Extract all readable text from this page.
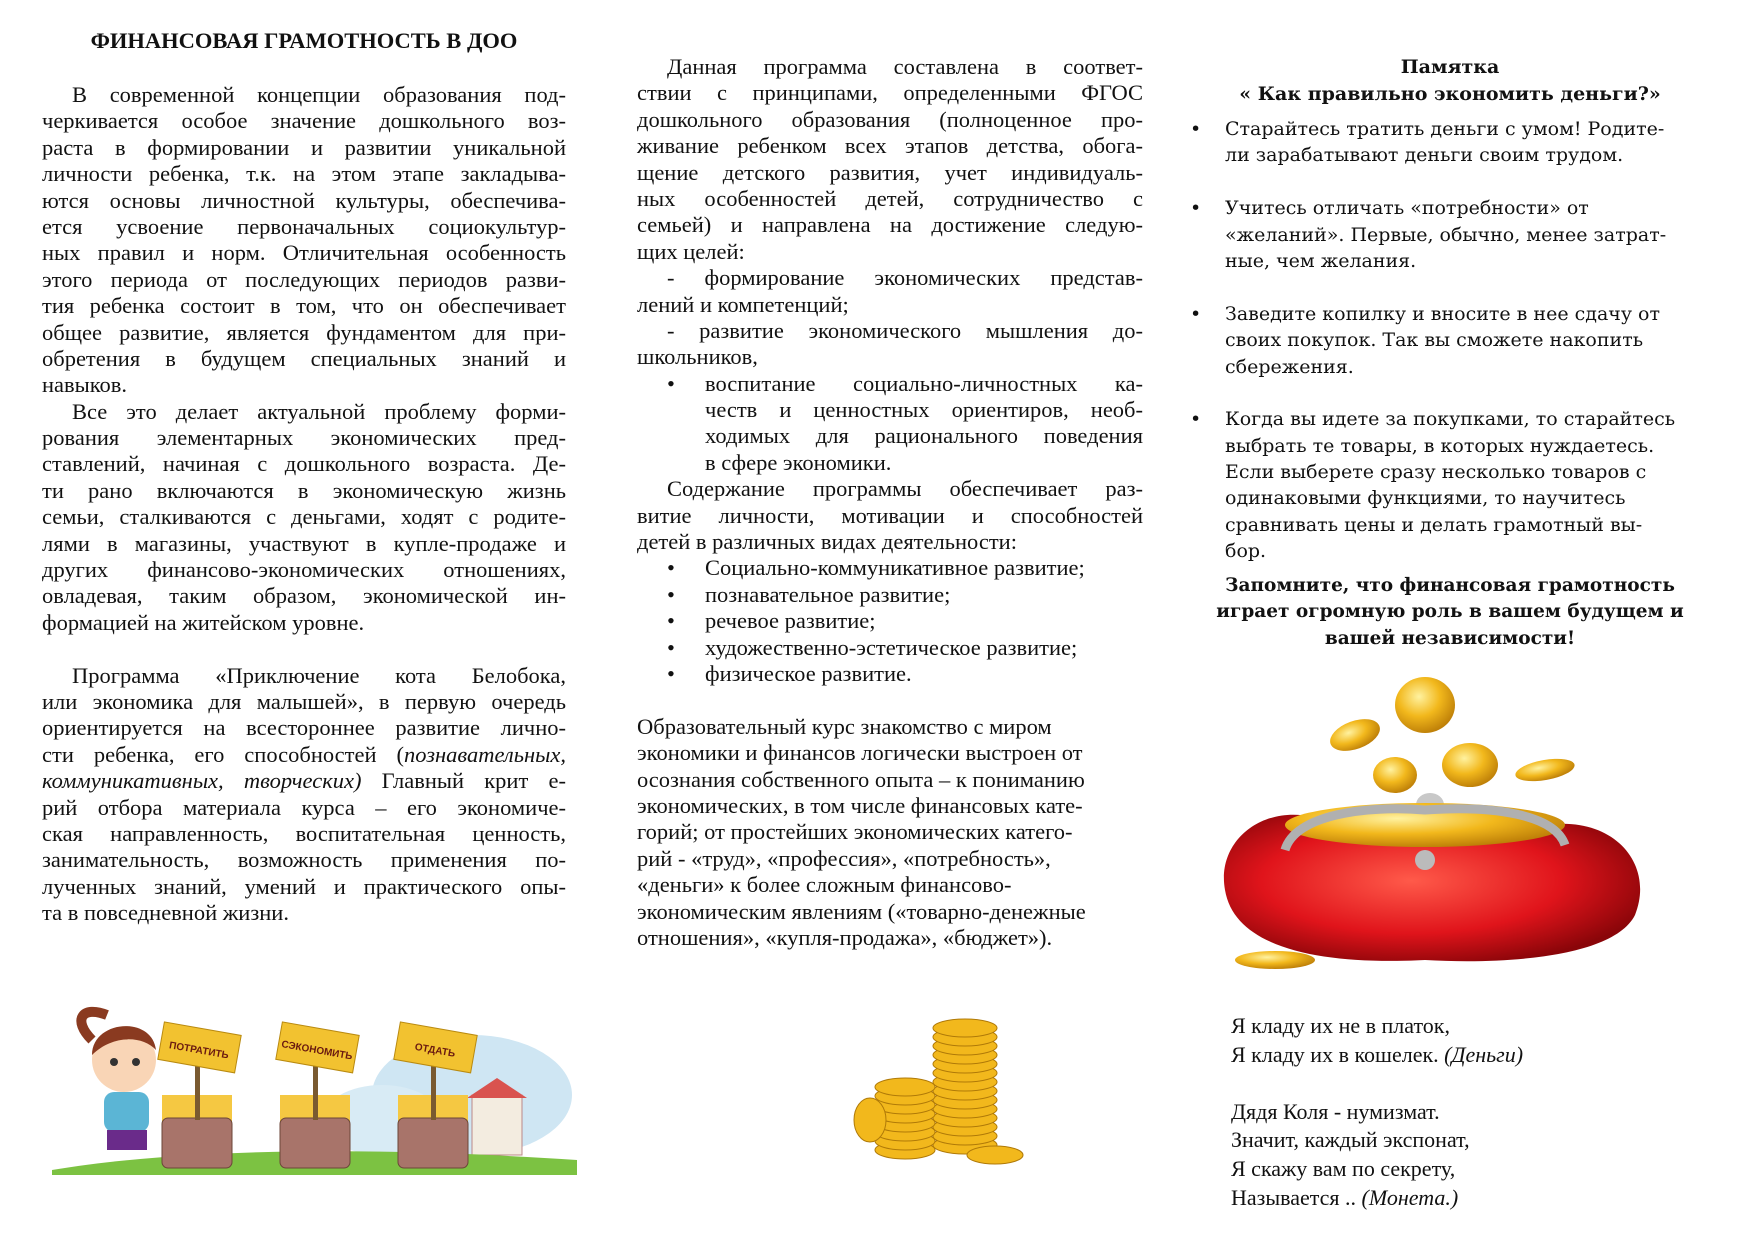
ФИНАНСОВАЯ ГРАМОТНОСТЬ В ДОО
В современной концепции образования под-
черкивается особое значение дошкольного воз-
раста в формировании и развитии уникальной
личности ребенка, т.к. на этом этапе закладыва-
ются основы личностной культуры, обеспечива-
ется усвоение первоначальных социокультур-
ных правил и норм. Отличительная особенность
этого периода от последующих периодов разви-
тия ребенка состоит в том, что он обеспечивает
общее развитие, является фундаментом для при-
обретения в будущем специальных знаний и
навыков.
Все это делает актуальной проблему форми-
рования элементарных экономических пред-
ставлений, начиная с дошкольного возраста. Де-
ти рано включаются в экономическую жизнь
семьи, сталкиваются с деньгами, ходят с родите-
лями в магазины, участвуют в купле-продаже и
других финансово-экономических отношениях,
овладевая, таким образом, экономической ин-
формацией на житейском уровне.
Программа «Приключение кота Белобока,
или экономика для малышей», в первую очередь
ориентируется на всестороннее развитие лично-
сти ребенка, его способностей (познавательных,
коммуникативных, творческих) Главный крит е-
рий отбора материала курса – его экономиче-
ская направленность, воспитательная ценность,
занимательность, возможность применения по-
лученных знаний, умений и практического опы-
та в повседневной жизни.
Данная программа составлена в соответ-
ствии с принципами, определенными ФГОС
дошкольного образования (полноценное про-
живание ребенком всех этапов детства, обога-
щение детского развития, учет индивидуаль-
ных особенностей детей, сотрудничество с
семьей) и направлена на достижение следую-
щих целей:
- формирование экономических представ-
лений и компетенций;
- развитие экономического мышления до-
школьников,
• воспитание социально-личностных ка-
честв и ценностных ориентиров, необ-
ходимых для рационального поведения
в сфере экономики.
Содержание программы обеспечивает раз-
витие личности, мотивации и способностей
детей в различных видах деятельности:
• Социально-коммуникативное развитие;
• познавательное развитие;
• речевое развитие;
• художественно-эстетическое развитие;
• физическое развитие.
Образовательный курс знакомство с миром
экономики и финансов логически выстроен от
осознания собственного опыта – к пониманию
экономических, в том числе финансовых кате-
горий; от простейших экономических катего-
рий - «труд», «профессия», «потребность»,
«деньги» к более сложным финансово-
экономическим явлениям («товарно-денежные
отношения», «купля-продажа», «бюджет»).
Памятка
« Как правильно экономить деньги?»
• Старайтесь тратить деньги с умом! Родите-
ли зарабатывают деньги своим трудом.
• Учитесь отличать «потребности» от
«желаний». Первые, обычно, менее затрат-
ные, чем желания.
• Заведите копилку и вносите в нее сдачу от
своих покупок. Так вы сможете накопить
сбережения.
• Когда вы идете за покупками, то старайтесь
выбрать те товары, в которых нуждаетесь.
Если выберете сразу несколько товаров с
одинаковыми функциями, то научитесь
сравнивать цены и делать грамотный вы-
бор.
Запомните, что финансовая грамотность
играет огромную роль в вашем будущем и
вашей независимости!
ПОТРАТИТЬ	СЭКОНОМИТЬ	ОТДАТЬ
Я кладу их не в платок,
Я кладу их в кошелек. (Деньги)
Дядя Коля - нумизмат.
Значит, каждый экспонат,
Я скажу вам по секрету,
Называется .. (Монета.)
